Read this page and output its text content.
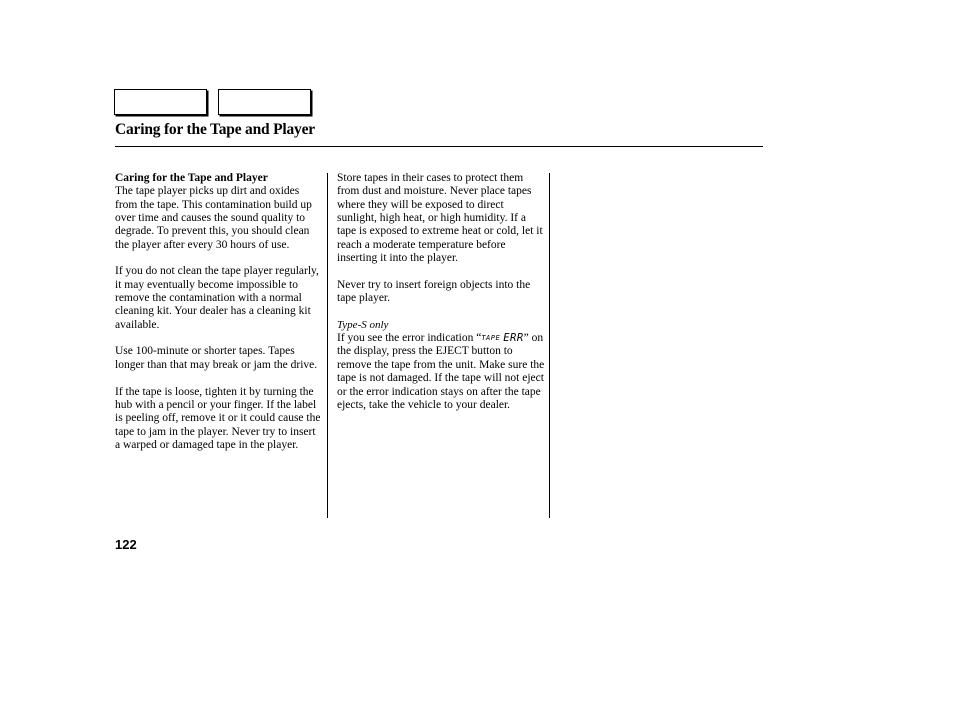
Caring for the Tape and Player

Caring for the Tape and Player
The tape player picks up dirt and oxides from the tape. This contamination build up over time and causes the sound quality to degrade. To prevent this, you should clean the player after every 30 hours of use.

If you do not clean the tape player regularly, it may eventually become impossible to remove the contamination with a normal cleaning kit. Your dealer has a cleaning kit available.

Use 100-minute or shorter tapes. Tapes longer than that may break or jam the drive.

If the tape is loose, tighten it by turning the hub with a pencil or your finger. If the label is peeling off, remove it or it could cause the tape to jam in the player. Never try to insert a warped or damaged tape in the player.

Store tapes in their cases to protect them from dust and moisture. Never place tapes where they will be exposed to direct sunlight, high heat, or high humidity. If a tape is exposed to extreme heat or cold, let it reach a moderate temperature before inserting it into the player.

Never try to insert foreign objects into the tape player.

Type-S only

If you see the error indication “TAPE ERR” on the display, press the EJECT button to remove the tape from the unit. Make sure the tape is not damaged. If the tape will not eject or the error indication stays on after the tape ejects, take the vehicle to your dealer.

122
